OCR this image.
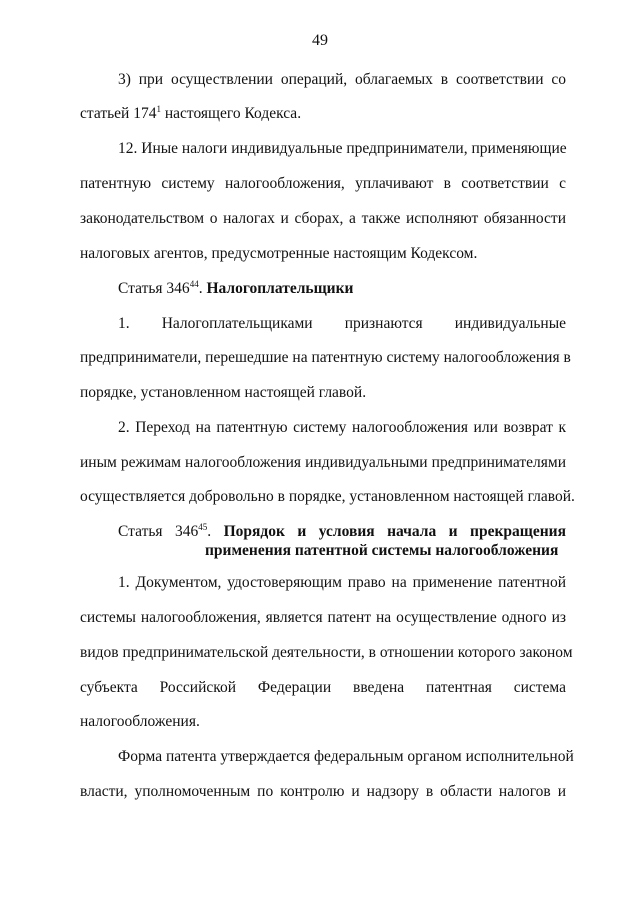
49
3) при осуществлении операций, облагаемых в соответствии со
статьей $174^1$ настоящего Кодекса.
12. Иные налоги индивидуальные предприниматели, применяющие
патентную систему налогообложения, уплачивают в соответствии с
законодательством о налогах и сборах, а также исполняют обязанности
налоговых агентов, предусмотренные настоящим Кодексом.
Статья $346^{44}$. Налогоплательщики
1. Налогоплательщиками признаются индивидуальные
предприниматели, перешедшие на патентную систему налогообложения в
порядке, установленном настоящей главой.
2. Переход на патентную систему налогообложения или возврат к
иным режимам налогообложения индивидуальными предпринимателями
осуществляется добровольно в порядке, установленном настоящей главой.
Статья $346^{45}$. Порядок и условия начала и прекращения
применения патентной системы налогообложения
1. Документом, удостоверяющим право на применение патентной
системы налогообложения, является патент на осуществление одного из
видов предпринимательской деятельности, в отношении которого законом
субъекта Российской Федерации введена патентная система
налогообложения.
Форма патента утверждается федеральным органом исполнительной
власти, уполномоченным по контролю и надзору в области налогов и
